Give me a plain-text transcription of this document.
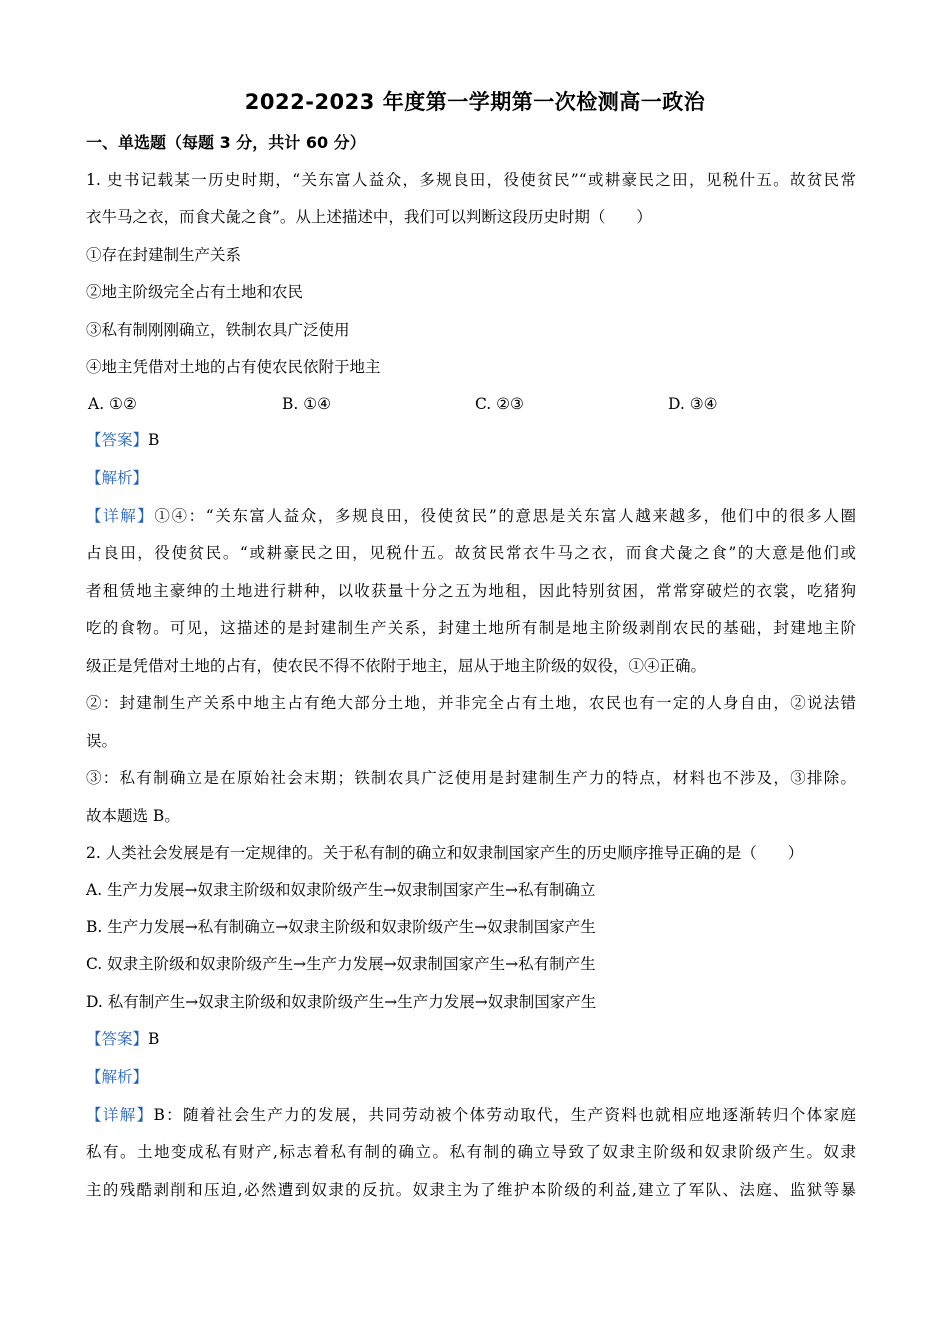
2022-2023 年度第一学期第一次检测高一政治
一、单选题（每题 3 分，共计 60 分）
1. 史书记载某一历史时期，“关东富人益众，多规良田，役使贫民”“或耕豪民之田，见税什五。故贫民常
衣牛马之衣，而食犬彘之食”。从上述描述中，我们可以判断这段历史时期（　　）
①存在封建制生产关系
②地主阶级完全占有土地和农民
③私有制刚刚确立，铁制农具广泛使用
④地主凭借对土地的占有使农民依附于地主
A. ①②	B. ①④	C. ②③	D. ③④
【答案】B
【解析】
【详解】①④：“关东富人益众，多规良田，役使贫民”的意思是关东富人越来越多，他们中的很多人圈
占良田，役使贫民。“或耕豪民之田，见税什五。故贫民常衣牛马之衣，而食犬彘之食”的大意是他们或
者租赁地主豪绅的土地进行耕种，以收获量十分之五为地租，因此特别贫困，常常穿破烂的衣裳，吃猪狗
吃的食物。可见，这描述的是封建制生产关系，封建土地所有制是地主阶级剥削农民的基础，封建地主阶
级正是凭借对土地的占有，使农民不得不依附于地主，屈从于地主阶级的奴役，①④正确。
②：封建制生产关系中地主占有绝大部分土地，并非完全占有土地，农民也有一定的人身自由，②说法错
误。
③：私有制确立是在原始社会末期；铁制农具广泛使用是封建制生产力的特点，材料也不涉及，③排除。
故本题选 B。
2. 人类社会发展是有一定规律的。关于私有制的确立和奴隶制国家产生的历史顺序推导正确的是（　　）
A. 生产力发展→奴隶主阶级和奴隶阶级产生→奴隶制国家产生→私有制确立
B. 生产力发展→私有制确立→奴隶主阶级和奴隶阶级产生→奴隶制国家产生
C. 奴隶主阶级和奴隶阶级产生→生产力发展→奴隶制国家产生→私有制产生
D. 私有制产生→奴隶主阶级和奴隶阶级产生→生产力发展→奴隶制国家产生
【答案】B
【解析】
【详解】B：随着社会生产力的发展，共同劳动被个体劳动取代，生产资料也就相应地逐渐转归个体家庭
私有。土地变成私有财产,标志着私有制的确立。私有制的确立导致了奴隶主阶级和奴隶阶级产生。奴隶
主的残酷剥削和压迫,必然遭到奴隶的反抗。奴隶主为了维护本阶级的利益,建立了军队、法庭、监狱等暴
